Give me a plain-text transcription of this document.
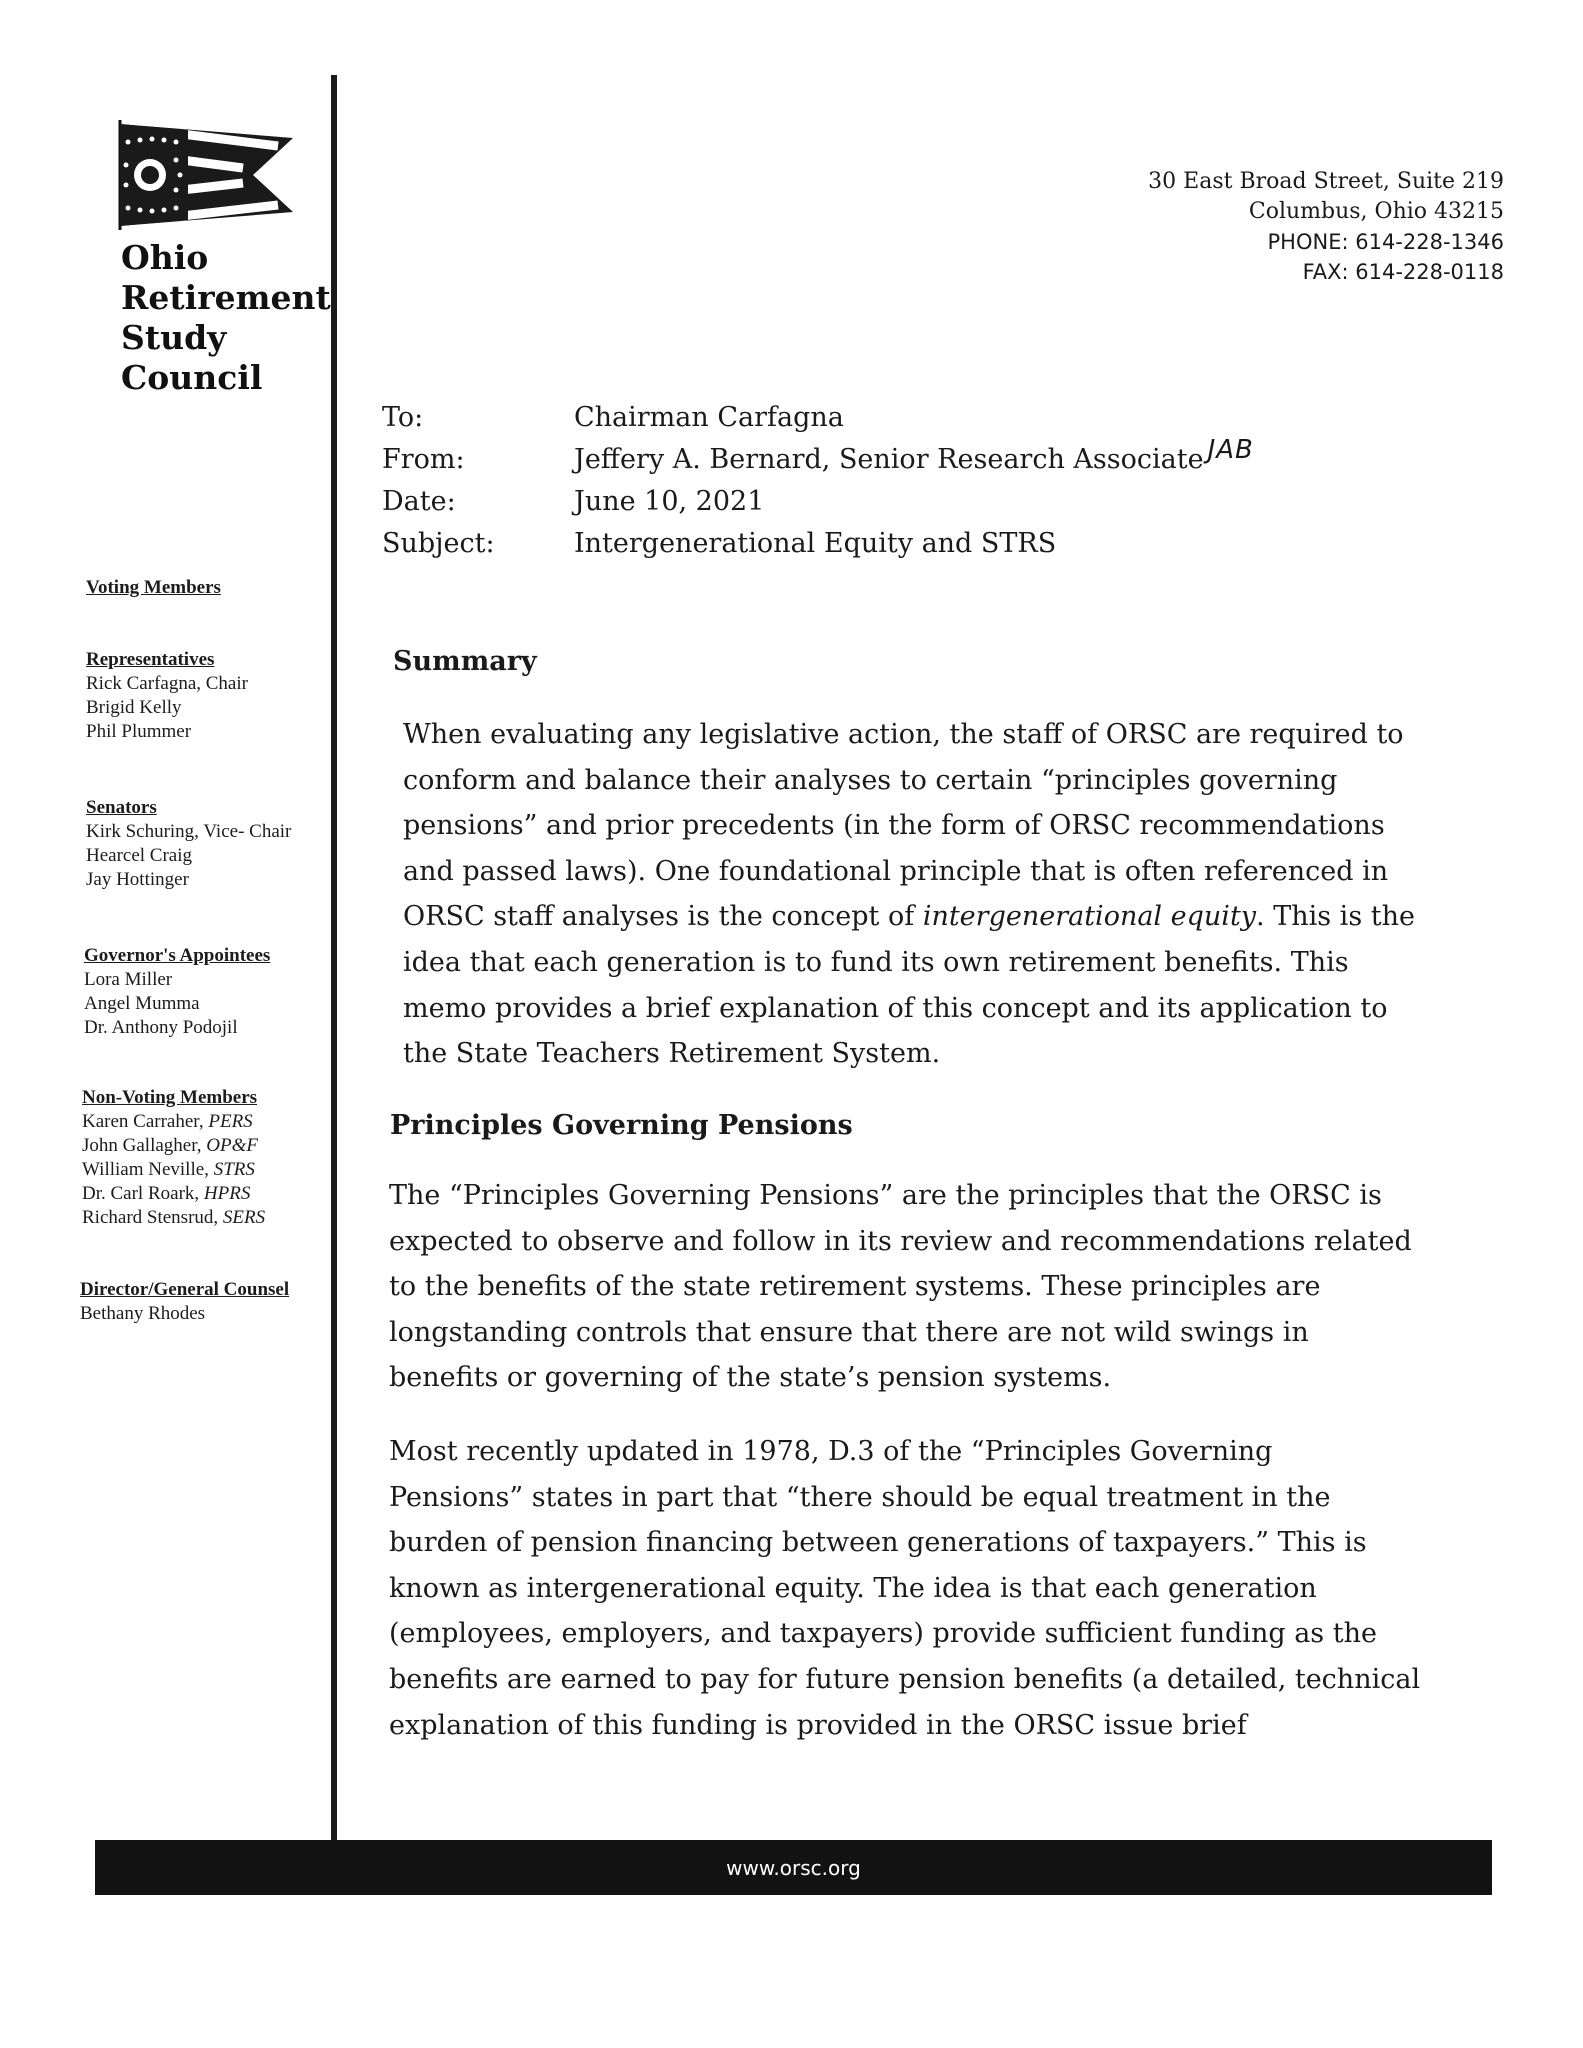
Ohio
Retirement
Study
Council
Voting Members
Representatives
Rick Carfagna, Chair
Brigid Kelly
Phil Plummer
Senators
Kirk Schuring, Vice- Chair
Hearcel Craig
Jay Hottinger
Governor's Appointees
Lora Miller
Angel Mumma
Dr. Anthony Podojil
Non-Voting Members
Karen Carraher, PERS
John Gallagher, OP&F
William Neville, STRS
Dr. Carl Roark, HPRS
Richard Stensrud, SERS
Director/General Counsel
Bethany Rhodes
30 East Broad Street, Suite 219
Columbus, Ohio 43215
PHONE: 614-228-1346
FAX: 614-228-0118
To:	Chairman Carfagna
From:	Jeffery A. Bernard, Senior Research Associate JAB
Date:	June 10, 2021
Subject:	Intergenerational Equity and STRS
Summary
When evaluating any legislative action, the staff of ORSC are required to
conform and balance their analyses to certain “principles governing
pensions” and prior precedents (in the form of ORSC recommendations
and passed laws). One foundational principle that is often referenced in
ORSC staff analyses is the concept of intergenerational equity. This is the
idea that each generation is to fund its own retirement benefits. This
memo provides a brief explanation of this concept and its application to
the State Teachers Retirement System.
Principles Governing Pensions
The “Principles Governing Pensions” are the principles that the ORSC is
expected to observe and follow in its review and recommendations related
to the benefits of the state retirement systems. These principles are
longstanding controls that ensure that there are not wild swings in
benefits or governing of the state’s pension systems.
Most recently updated in 1978, D.3 of the “Principles Governing
Pensions” states in part that “there should be equal treatment in the
burden of pension financing between generations of taxpayers.” This is
known as intergenerational equity. The idea is that each generation
(employees, employers, and taxpayers) provide sufficient funding as the
benefits are earned to pay for future pension benefits (a detailed, technical
explanation of this funding is provided in the ORSC issue brief
www.orsc.org
